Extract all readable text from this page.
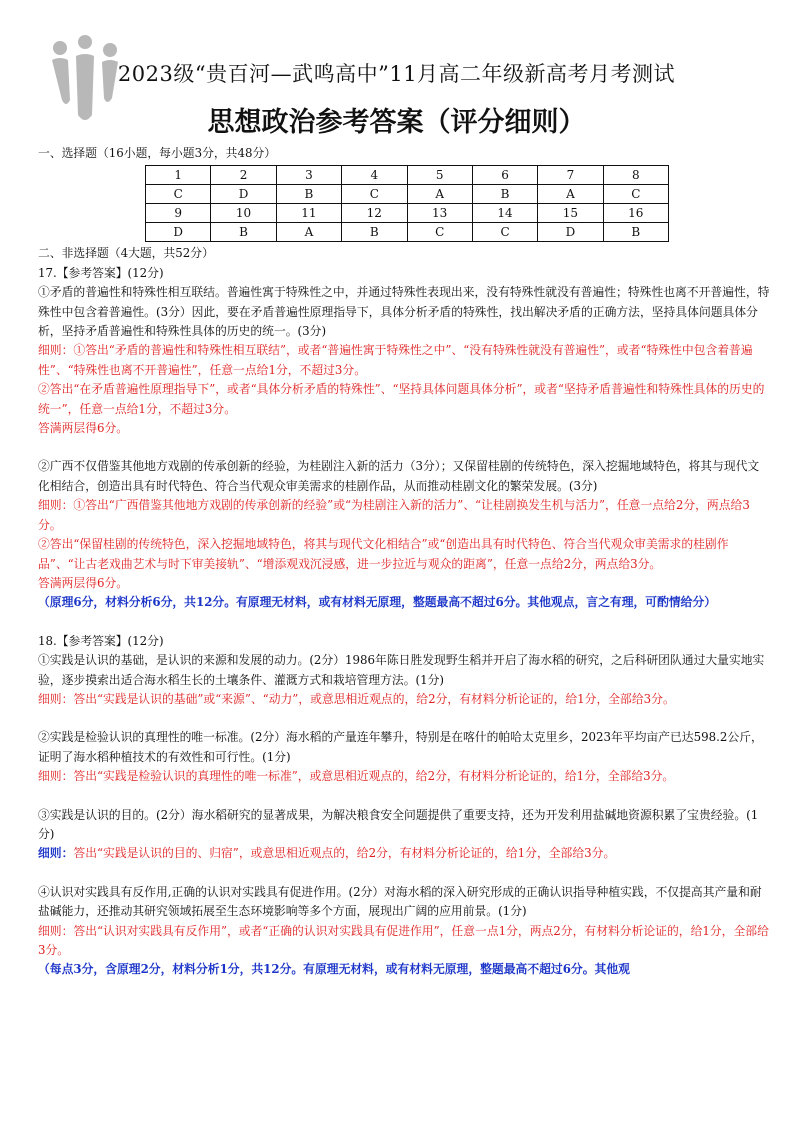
2023级“贵百河—武鸣高中”11月高二年级新高考月考测试
思想政治参考答案（评分细则）

一、选择题（16小题，每小题3分，共48分）

1	2	3	4	5	6	7	8
C	D	B	C	A	B	A	C
9	10	11	12	13	14	15	16
D	B	A	B	C	C	D	B

二、非选择题（4大题，共52分）

17.【参考答案】(12分)

①矛盾的普遍性和特殊性相互联结。普遍性寓于特殊性之中，并通过特殊性表现出来，没有特殊性就没有普遍性；特殊性也离不开普遍性，特殊性中包含着普遍性。(3分）因此，要在矛盾普遍性原理指导下，具体分析矛盾的特殊性，找出解决矛盾的正确方法，坚持具体问题具体分析，坚持矛盾普遍性和特殊性具体的历史的统一。(3分)

细则：①答出“矛盾的普遍性和特殊性相互联结”，或者“普遍性寓于特殊性之中”、“没有特殊性就没有普遍性”，或者“特殊性中包含着普遍性”、“特殊性也离不开普遍性”，任意一点给1分，不超过3分。

②答出“在矛盾普遍性原理指导下”，或者“具体分析矛盾的特殊性”、“坚持具体问题具体分析”，或者“坚持矛盾普遍性和特殊性具体的历史的统一”，任意一点给1分，不超过3分。

答满两层得6分。

②广西不仅借鉴其他地方戏剧的传承创新的经验，为桂剧注入新的活力（3分）；又保留桂剧的传统特色，深入挖掘地域特色，将其与现代文化相结合，创造出具有时代特色、符合当代观众审美需求的桂剧作品，从而推动桂剧文化的繁荣发展。(3分)

细则：①答出“广西借鉴其他地方戏剧的传承创新的经验”或“为桂剧注入新的活力”、“让桂剧换发生机与活力”，任意一点给2分，两点给3分。

②答出“保留桂剧的传统特色，深入挖掘地域特色，将其与现代文化相结合”或“创造出具有时代特色、符合当代观众审美需求的桂剧作品”、“让古老戏曲艺术与时下审美接轨”、“增添观戏沉浸感，进一步拉近与观众的距离”，任意一点给2分，两点给3分。

答满两层得6分。

（原理6分，材料分析6分，共12分。有原理无材料，或有材料无原理，整题最高不超过6分。其他观点，言之有理，可酌情给分）

18.【参考答案】(12分)

①实践是认识的基础，是认识的来源和发展的动力。(2分）1986年陈日胜发现野生稻并开启了海水稻的研究，之后科研团队通过大量实地实验，逐步摸索出适合海水稻生长的土壤条件、灌溉方式和栽培管理方法。(1分)

细则：答出“实践是认识的基础”或“来源”、“动力”，或意思相近观点的，给2分，有材料分析论证的，给1分，全部给3分。

②实践是检验认识的真理性的唯一标准。(2分）海水稻的产量连年攀升，特别是在喀什的帕哈太克里乡，2023年平均亩产已达598.2公斤，证明了海水稻种植技术的有效性和可行性。(1分)

细则：答出“实践是检验认识的真理性的唯一标准”，或意思相近观点的，给2分，有材料分析论证的，给1分，全部给3分。

③实践是认识的目的。(2分）海水稻研究的显著成果，为解决粮食安全问题提供了重要支持，还为开发利用盐碱地资源积累了宝贵经验。(1分)

细则：答出“实践是认识的目的、归宿”，或意思相近观点的，给2分，有材料分析论证的，给1分，全部给3分。

④认识对实践具有反作用,正确的认识对实践具有促进作用。(2分）对海水稻的深入研究形成的正确认识指导种植实践，不仅提高其产量和耐盐碱能力，还推动其研究领域拓展至生态环境影响等多个方面，展现出广阔的应用前景。(1分)

细则：答出“认识对实践具有反作用”，或者“正确的认识对实践具有促进作用”，任意一点1分，两点2分，有材料分析论证的，给1分，全部给3分。

（每点3分，含原理2分，材料分析1分，共12分。有原理无材料，或有材料无原理，整题最高不超过6分。其他观
